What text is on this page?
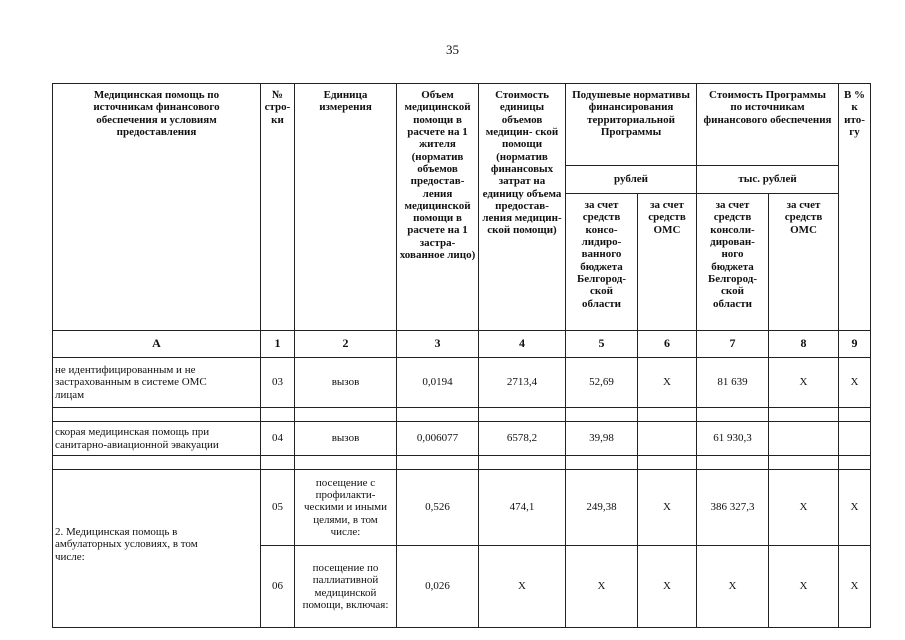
35
Медицинская помощь по источникам финансового обеспечения и условиям предоставления	№ стро- ки	Единица измерения	Объем медицинской помощи в расчете на 1 жителя (норматив объемов предостав- ления медицинской помощи в расчете на 1 застра- хованное лицо)	Стоимость единицы объемов медицин- ской помощи (норматив финансовых затрат на единицу объема предостав- ления медицин- ской помощи)	Подушевые нормативы финансирования территориальной Программы		Стоимость Программы по источникам финансового обеспечения		В % к ито- гу
					рублей		тыс. рублей		
					за счет средств консо- лидиро- ванного бюджета Белгород- ской области	за счет средств ОМС	за счет средств консоли- дирован- ного бюджета Белгород- ской области	за счет средств ОМС	
А	1	2	3	4	5	6	7	8	9
не идентифицированным и не застрахованным в системе ОМС лицам	03	вызов	0,0194	2713,4	52,69	X	81 639	X	X

скорая медицинская помощь при санитарно-авиационной эвакуации	04	вызов	0,006077	6578,2	39,98		61 930,3		

2. Медицинская помощь в амбулаторных условиях, в том числе:	05	посещение с профилакти- ческими и иными целями, в том числе:	0,526	474,1	249,38	X	386 327,3	X	X
	06	посещение по паллиативной медицинской помощи, включая:	0,026	X	X	X	X	X	X
